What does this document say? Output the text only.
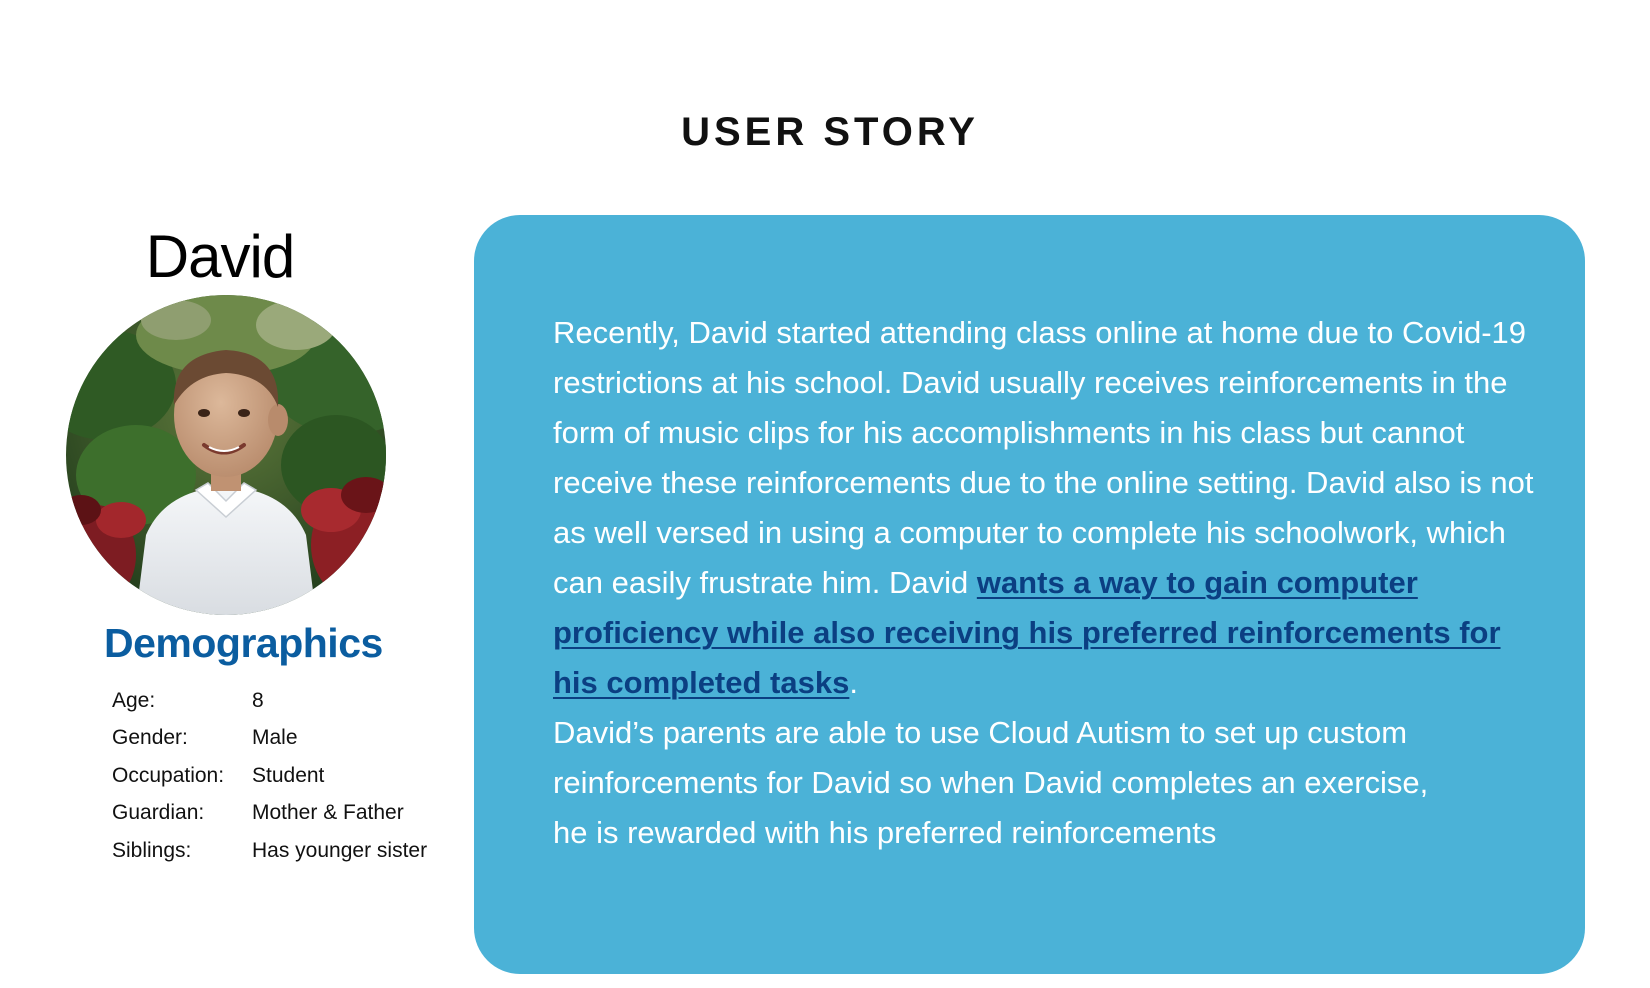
USER STORY
David
Demographics
Age:	8
Gender:	Male
Occupation:	Student
Guardian:	Mother & Father
Siblings:	Has younger sister

Recently, David started attending class online at home due to Covid-19 restrictions at his school. David usually receives reinforcements in the form of music clips for his accomplishments in his class but cannot receive these reinforcements due to the online setting. David also is not as well versed in using a computer to complete his schoolwork, which can easily frustrate him. David wants a way to gain computer proficiency while also receiving his preferred reinforcements for his completed tasks.

David’s parents are able to use Cloud Autism to set up custom reinforcements for David so when David completes an exercise, he is rewarded with his preferred reinforcements
